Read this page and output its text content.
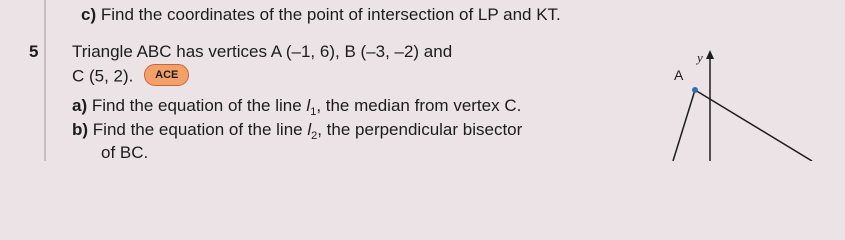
5
c) Find the coordinates of the point of intersection of LP and KT.
Triangle ABC has vertices A (–1, 6), B (–3, –2) and
C (5, 2). ACE
a) Find the equation of the line $l_1$, the median from vertex C.
b) Find the equation of the line $l_2$, the perpendicular bisector
of BC.
y
A
